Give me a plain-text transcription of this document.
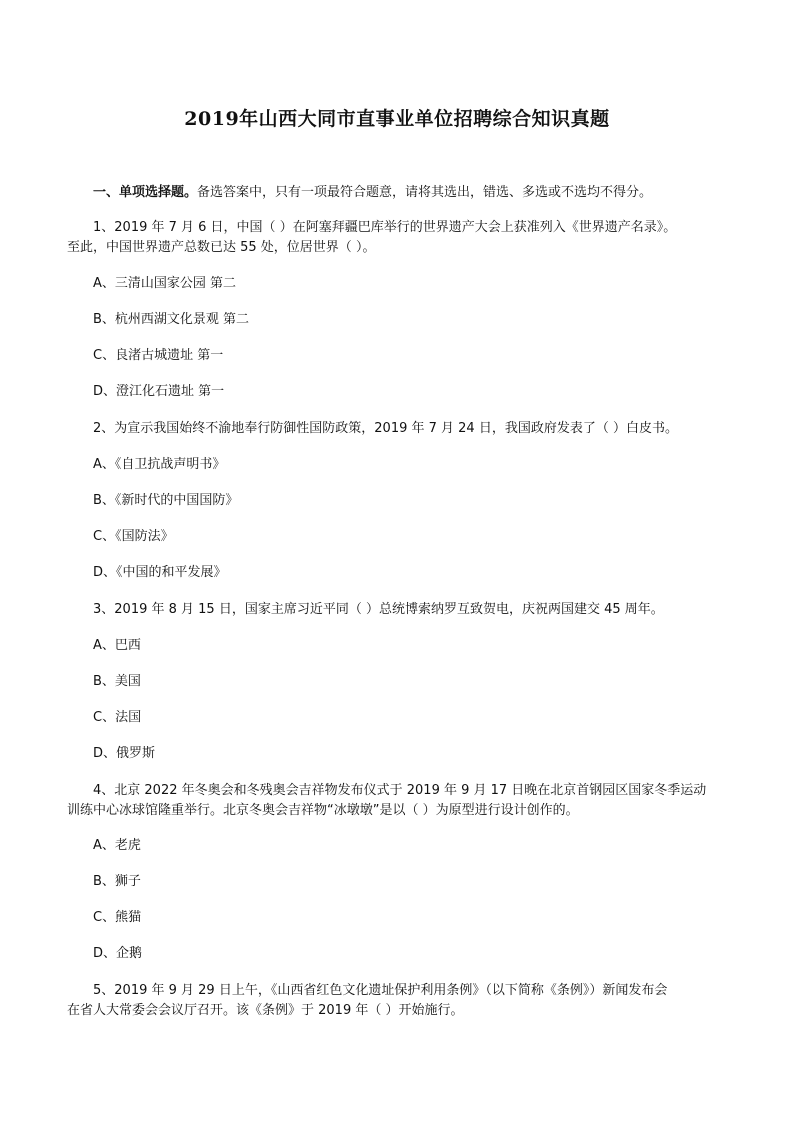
2019年山西大同市直事业单位招聘综合知识真题
一、单项选择题。备选答案中，只有一项最符合题意，请将其选出，错选、多选或不选均不得分。
1、2019 年 7 月 6 日，中国（ ）在阿塞拜疆巴库举行的世界遗产大会上获准列入《世界遗产名录》。
至此，中国世界遗产总数已达 55 处，位居世界（ ）。
A、三清山国家公园 第二
B、杭州西湖文化景观 第二
C、良渚古城遗址 第一
D、澄江化石遗址 第一
2、为宣示我国始终不渝地奉行防御性国防政策，2019 年 7 月 24 日，我国政府发表了（ ）白皮书。
A、《自卫抗战声明书》
B、《新时代的中国国防》
C、《国防法》
D、《中国的和平发展》
3、2019 年 8 月 15 日，国家主席习近平同（ ）总统博索纳罗互致贺电，庆祝两国建交 45 周年。
A、巴西
B、美国
C、法国
D、俄罗斯
4、北京 2022 年冬奥会和冬残奥会吉祥物发布仪式于 2019 年 9 月 17 日晚在北京首钢园区国家冬季运动
训练中心冰球馆隆重举行。北京冬奥会吉祥物“冰墩墩”是以（ ）为原型进行设计创作的。
A、老虎
B、狮子
C、熊猫
D、企鹅
5、2019 年 9 月 29 日上午，《山西省红色文化遗址保护利用条例》（以下简称《条例》）新闻发布会
在省人大常委会会议厅召开。该《条例》于 2019 年（ ）开始施行。
